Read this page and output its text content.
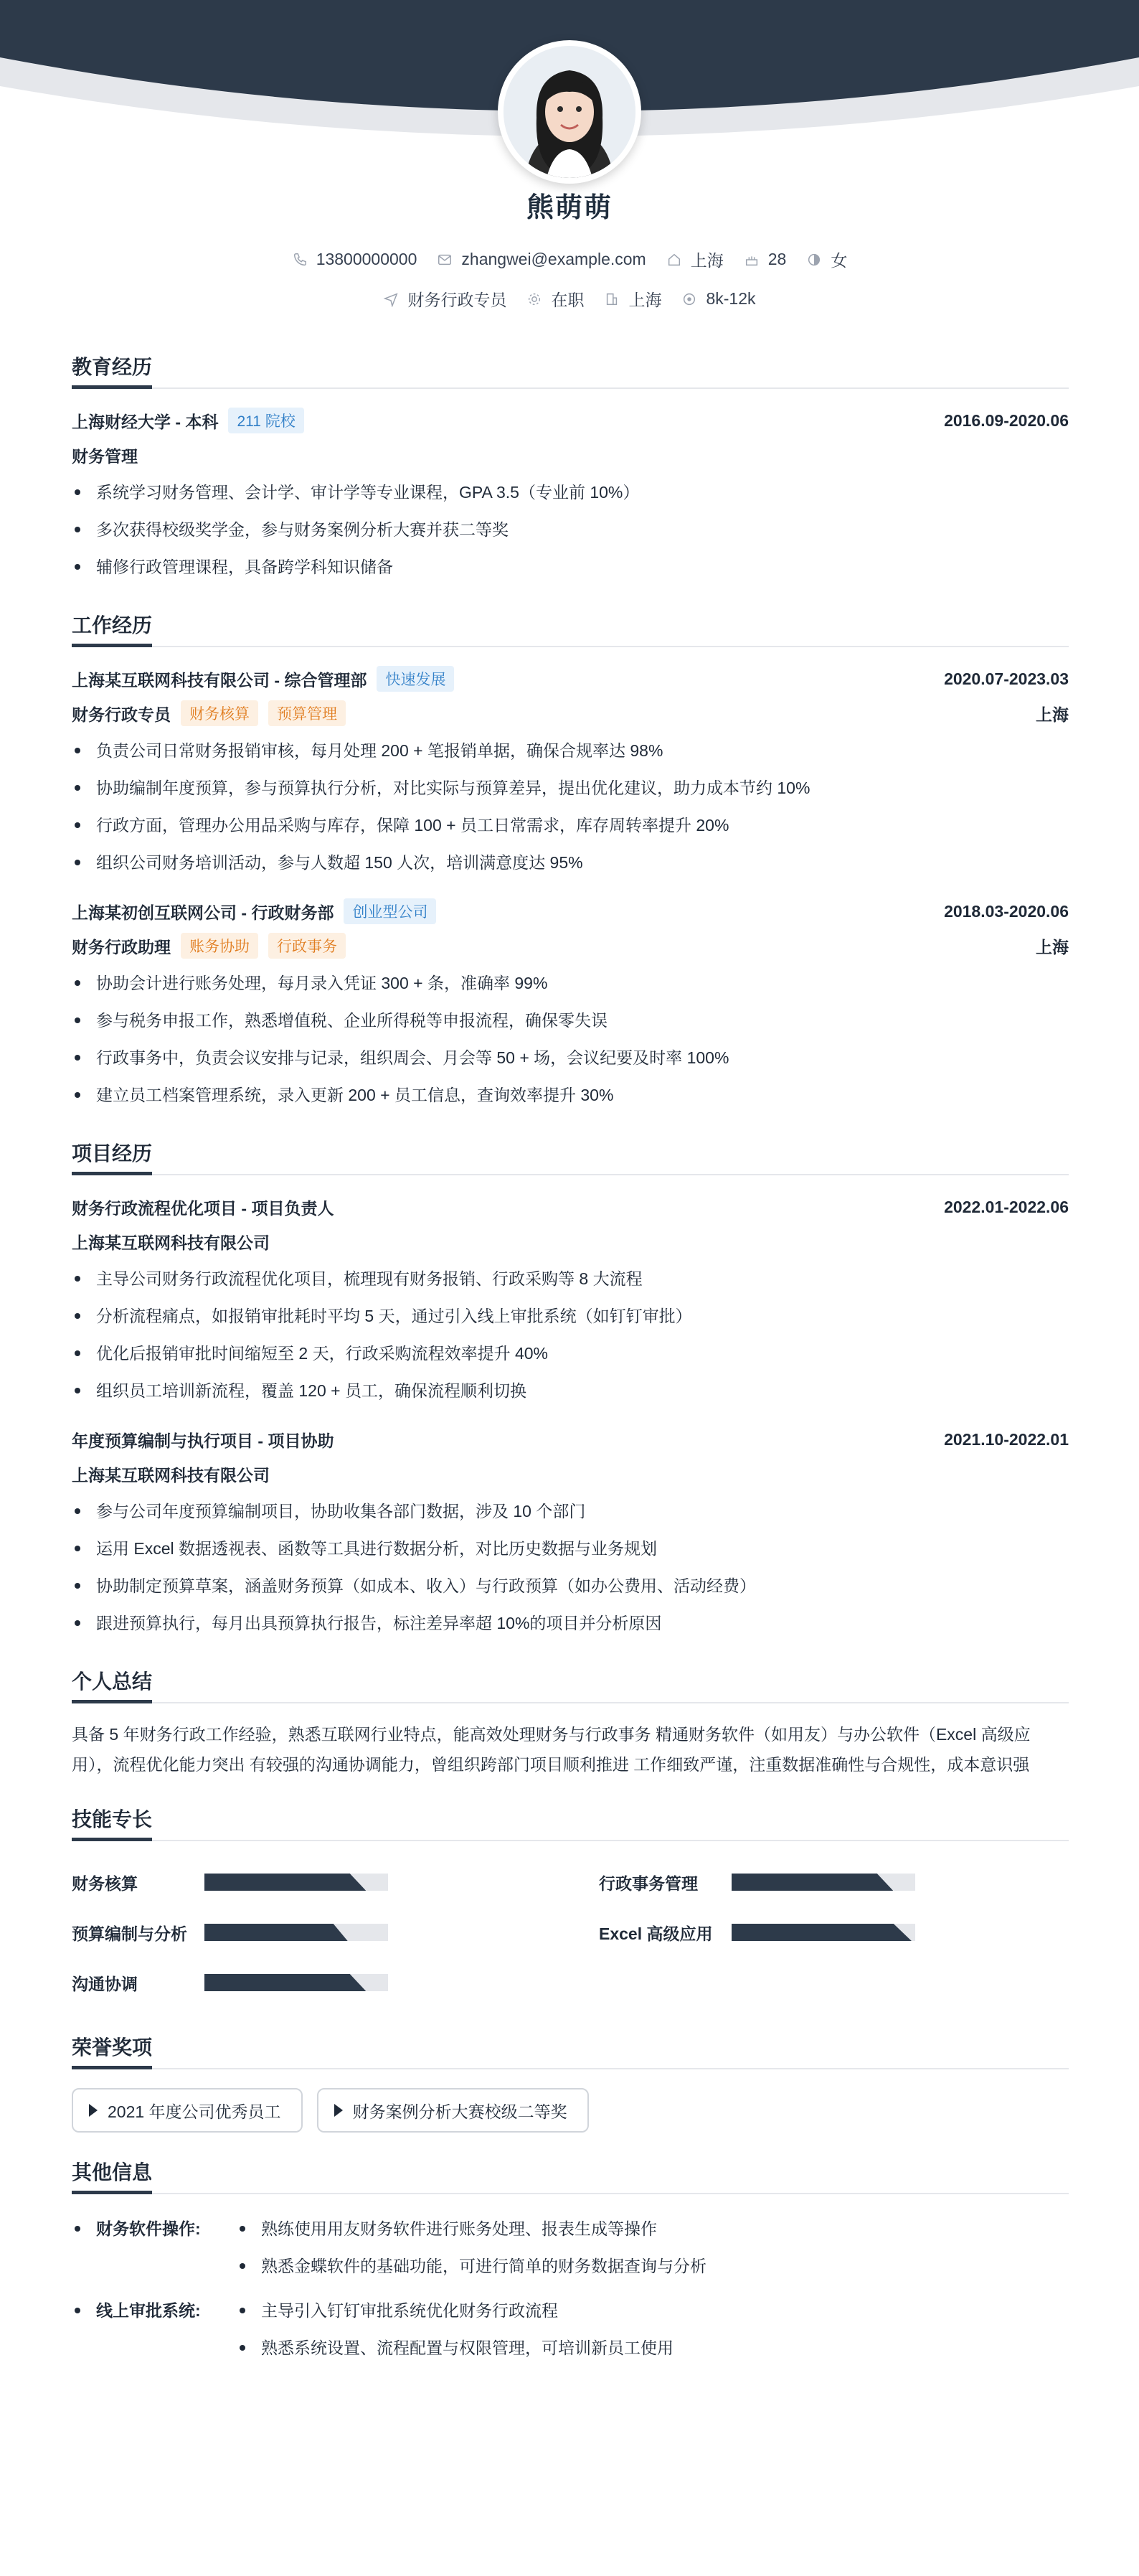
熊萌萌
13800000000	zhangwei@example.com	上海	28	女
财务行政专员	在职	上海	8k-12k
教育经历
上海财经大学 - 本科	211 院校	2016.09-2020.06
财务管理
系统学习财务管理、会计学、审计学等专业课程，GPA 3.5（专业前 10%）
多次获得校级奖学金，参与财务案例分析大赛并获二等奖
辅修行政管理课程，具备跨学科知识储备
工作经历
上海某互联网科技有限公司 - 综合管理部	快速发展	2020.07-2023.03
财务行政专员	财务核算	预算管理	上海
负责公司日常财务报销审核，每月处理 200 + 笔报销单据，确保合规率达 98%
协助编制年度预算，参与预算执行分析，对比实际与预算差异，提出优化建议，助力成本节约 10%
行政方面，管理办公用品采购与库存，保障 100 + 员工日常需求，库存周转率提升 20%
组织公司财务培训活动，参与人数超 150 人次，培训满意度达 95%
上海某初创互联网公司 - 行政财务部	创业型公司	2018.03-2020.06
财务行政助理	账务协助	行政事务	上海
协助会计进行账务处理，每月录入凭证 300 + 条，准确率 99%
参与税务申报工作，熟悉增值税、企业所得税等申报流程，确保零失误
行政事务中，负责会议安排与记录，组织周会、月会等 50 + 场，会议纪要及时率 100%
建立员工档案管理系统，录入更新 200 + 员工信息，查询效率提升 30%
项目经历
财务行政流程优化项目 - 项目负责人	2022.01-2022.06
上海某互联网科技有限公司
主导公司财务行政流程优化项目，梳理现有财务报销、行政采购等 8 大流程
分析流程痛点，如报销审批耗时平均 5 天，通过引入线上审批系统（如钉钉审批）
优化后报销审批时间缩短至 2 天，行政采购流程效率提升 40%
组织员工培训新流程，覆盖 120 + 员工，确保流程顺利切换
年度预算编制与执行项目 - 项目协助	2021.10-2022.01
上海某互联网科技有限公司
参与公司年度预算编制项目，协助收集各部门数据，涉及 10 个部门
运用 Excel 数据透视表、函数等工具进行数据分析，对比历史数据与业务规划
协助制定预算草案，涵盖财务预算（如成本、收入）与行政预算（如办公费用、活动经费）
跟进预算执行，每月出具预算执行报告，标注差异率超 10%的项目并分析原因
个人总结
具备 5 年财务行政工作经验，熟悉互联网行业特点，能高效处理财务与行政事务 精通财务软件（如用友）与办公软件（Excel 高级应用），流程优化能力突出 有较强的沟通协调能力，曾组织跨部门项目顺利推进 工作细致严谨，注重数据准确性与合规性，成本意识强
技能专长
财务核算	行政事务管理
预算编制与分析	Excel 高级应用
沟通协调
荣誉奖项
2021 年度公司优秀员工	财务案例分析大赛校级二等奖
其他信息
财务软件操作:	熟练使用用友财务软件进行账务处理、报表生成等操作
熟悉金蝶软件的基础功能，可进行简单的财务数据查询与分析
线上审批系统:	主导引入钉钉审批系统优化财务行政流程
熟悉系统设置、流程配置与权限管理，可培训新员工使用
